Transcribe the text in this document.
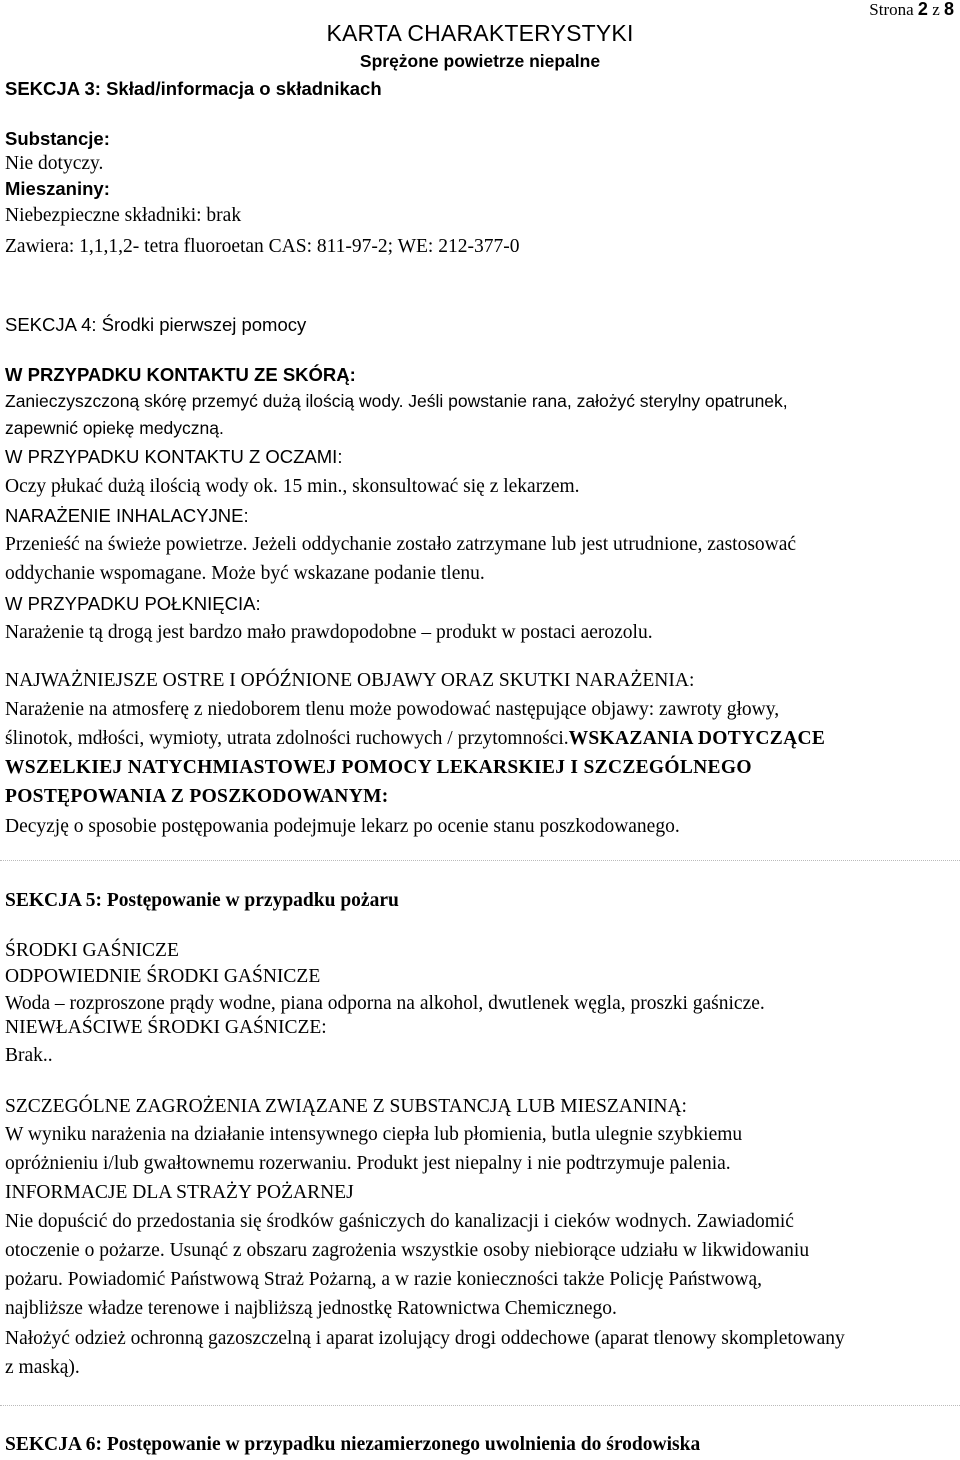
Strona 2 z 8
KARTA CHARAKTERYSTYKI
Sprężone powietrze niepalne
SEKCJA 3: Skład/informacja o składnikach
Substancje:
Nie dotyczy.
Mieszaniny:
Niebezpieczne składniki: brak
Zawiera: 1,1,1,2- tetra fluoroetan CAS: 811-97-2; WE: 212-377-0
SEKCJA 4: Środki pierwszej pomocy
W PRZYPADKU KONTAKTU ZE SKÓRĄ:
Zanieczyszczoną skórę przemyć dużą ilością wody. Jeśli powstanie rana, założyć sterylny opatrunek,
zapewnić opiekę medyczną.
W PRZYPADKU KONTAKTU Z OCZAMI:
Oczy płukać dużą ilością wody ok. 15 min., skonsultować się z lekarzem.
NARAŻENIE INHALACYJNE:
Przenieść na świeże powietrze. Jeżeli oddychanie zostało zatrzymane lub jest utrudnione, zastosować
oddychanie wspomagane. Może być wskazane podanie tlenu.
W PRZYPADKU POŁKNIĘCIA:
Narażenie tą drogą jest bardzo mało prawdopodobne – produkt w postaci aerozolu.
NAJWAŻNIEJSZE OSTRE I OPÓŹNIONE OBJAWY ORAZ SKUTKI NARAŻENIA:
Narażenie na atmosferę z niedoborem tlenu może powodować następujące objawy: zawroty głowy,
ślinotok, mdłości, wymioty, utrata zdolności ruchowych / przytomności.WSKAZANIA DOTYCZĄCE
WSZELKIEJ NATYCHMIASTOWEJ POMOCY LEKARSKIEJ I SZCZEGÓLNEGO
POSTĘPOWANIA Z POSZKODOWANYM:
Decyzję o sposobie postępowania podejmuje lekarz po ocenie stanu poszkodowanego.
SEKCJA 5: Postępowanie w przypadku pożaru
ŚRODKI GAŚNICZE
ODPOWIEDNIE ŚRODKI GAŚNICZE
Woda – rozproszone prądy wodne, piana odporna na alkohol, dwutlenek węgla, proszki gaśnicze.
NIEWŁAŚCIWE ŚRODKI GAŚNICZE:
Brak..
SZCZEGÓLNE ZAGROŻENIA ZWIĄZANE Z SUBSTANCJĄ LUB MIESZANINĄ:
W wyniku narażenia na działanie intensywnego ciepła lub płomienia, butla ulegnie szybkiemu
opróżnieniu i/lub gwałtownemu rozerwaniu. Produkt jest niepalny i nie podtrzymuje palenia.
INFORMACJE DLA STRAŻY POŻARNEJ
Nie dopuścić do przedostania się środków gaśniczych do kanalizacji i cieków wodnych. Zawiadomić
otoczenie o pożarze. Usunąć z obszaru zagrożenia wszystkie osoby niebiorące udziału w likwidowaniu
pożaru. Powiadomić Państwową Straż Pożarną, a w razie konieczności także Policję Państwową,
najbliższe władze terenowe i najbliższą jednostkę Ratownictwa Chemicznego.
Nałożyć odzież ochronną gazoszczelną i aparat izolujący drogi oddechowe (aparat tlenowy skompletowany
z maską).
SEKCJA 6: Postępowanie w przypadku niezamierzonego uwolnienia do środowiska
